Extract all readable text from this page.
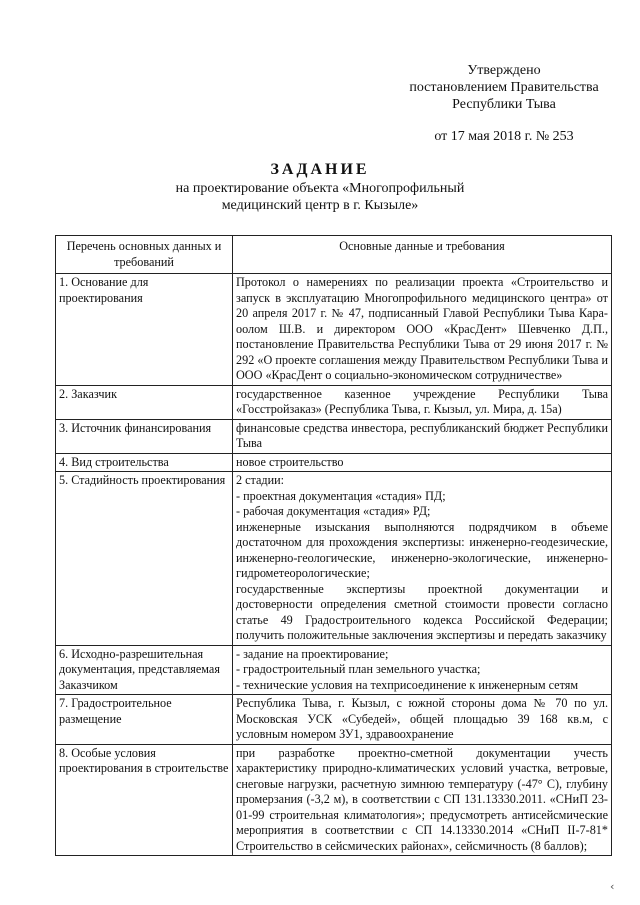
Утверждено
постановлением Правительства
Республики Тыва
от 17 мая 2018 г. № 253
ЗАДАНИЕ
на проектирование объекта «Многопрофильный
медицинский центр в г. Кызыле»
Перечень основных данных и требований	Основные данные и требования
1. Основание для проектирования	Протокол о намерениях по реализации проекта «Строительство и запуск в эксплуатацию Многопрофильного медицинского центра» от 20 апреля 2017 г. № 47, подписанный Главой Республики Тыва Кара-оолом Ш.В. и директором ООО «КрасДент» Шевченко Д.П., постановление Правительства Республики Тыва от 29 июня 2017 г. № 292 «О проекте соглашения между Правительством Республики Тыва и ООО «КрасДент о социально-экономическом сотрудничестве»
2. Заказчик	государственное казенное учреждение Республики Тыва «Госстройзаказ» (Республика Тыва, г. Кызыл, ул. Мира, д. 15а)
3. Источник финансирования	финансовые средства инвестора, республиканский бюджет Республики Тыва
4. Вид строительства	новое строительство
5. Стадийность проектирования	2 стадии:
- проектная документация «стадия» ПД;
- рабочая документация «стадия» РД;
инженерные изыскания выполняются подрядчиком в объеме достаточном для прохождения экспертизы: инженерно-геодезические, инженерно-геологические, инженерно-экологические, инженерно-гидрометеорологические;
государственные экспертизы проектной документации и достоверности определения сметной стоимости провести согласно статье 49 Градостроительного кодекса Российской Федерации; получить положительные заключения экспертизы и передать заказчику

6. Исходно-разрешительная документация, представляемая Заказчиком	- задание на проектирование;
- градостроительный план земельного участка;
- технические условия на техприсоединение к инженерным сетям

7. Градостроительное размещение	Республика Тыва, г. Кызыл, с южной стороны дома № 70 по ул. Московская УСК «Субедей», общей площадью 39 168 кв.м, с условным номером ЗУ1, здравоохранение
8. Особые условия проектирования в строительстве	при разработке проектно-сметной документации учесть характеристику природно-климатических условий участка, ветровые, снеговые нагрузки, расчетную зимнюю температуру (-47° С), глубину промерзания (-3,2 м), в соответствии с СП 131.13330.2011. «СНиП 23-01-99 строительная климатология»; предусмотреть антисейсмические мероприятия в соответствии с СП 14.13330.2014 «СНиП II-7-81* Строительство в сейсмических районах», сейсмичность (8 баллов);
‹
